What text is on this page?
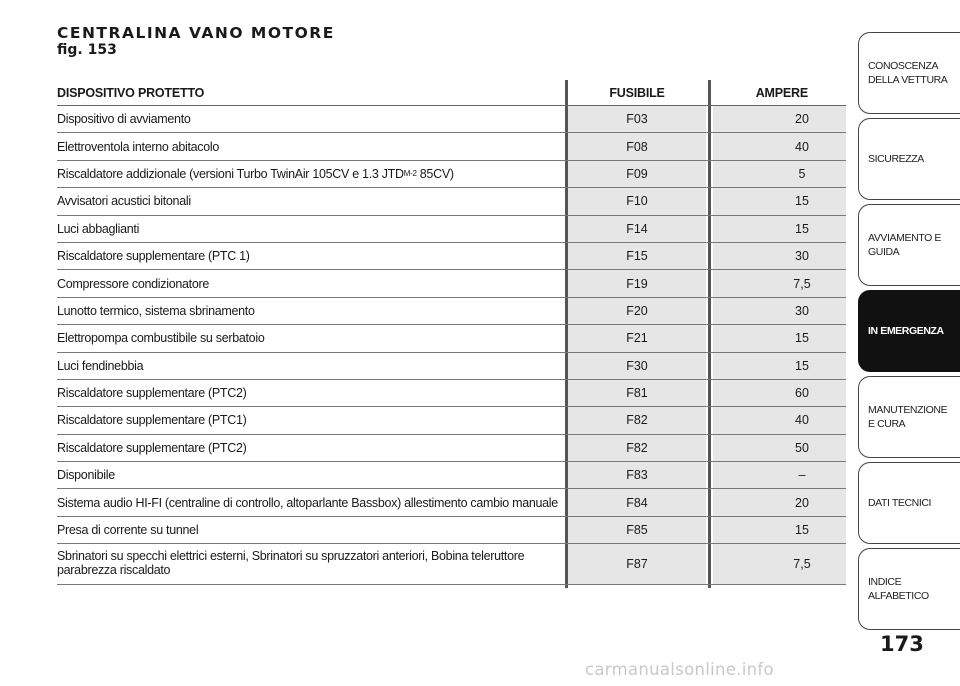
CENTRALINA VANO MOTORE
fig. 153
DISPOSITIVO PROTETTO	FUSIBILE	AMPERE
Dispositivo di avviamento	F03	20
Elettroventola interno abitacolo	F08	40
Riscaldatore addizionale (versioni Turbo TwinAir 105CV e 1.3 JTD M-2 85CV)	F09	5
Avvisatori acustici bitonali	F10	15
Luci abbaglianti	F14	15
Riscaldatore supplementare (PTC 1)	F15	30
Compressore condizionatore	F19	7,5
Lunotto termico, sistema sbrinamento	F20	30
Elettropompa combustibile su serbatoio	F21	15
Luci fendinebbia	F30	15
Riscaldatore supplementare (PTC2)	F81	60
Riscaldatore supplementare (PTC1)	F82	40
Riscaldatore supplementare (PTC2)	F82	50
Disponibile	F83	–
Sistema audio HI-FI (centraline di controllo, altoparlante Bassbox) allestimento cambio manuale	F84	20
Presa di corrente su tunnel	F85	15
Sbrinatori su specchi elettrici esterni, Sbrinatori su spruzzatori anteriori, Bobina teleruttore parabrezza riscaldato	F87	7,5
CONOSCENZA DELLA VETTURA
SICUREZZA
AVVIAMENTO E GUIDA
IN EMERGENZA
MANUTENZIONE E CURA
DATI TECNICI
INDICE ALFABETICO
173
carmanualsonline.info
